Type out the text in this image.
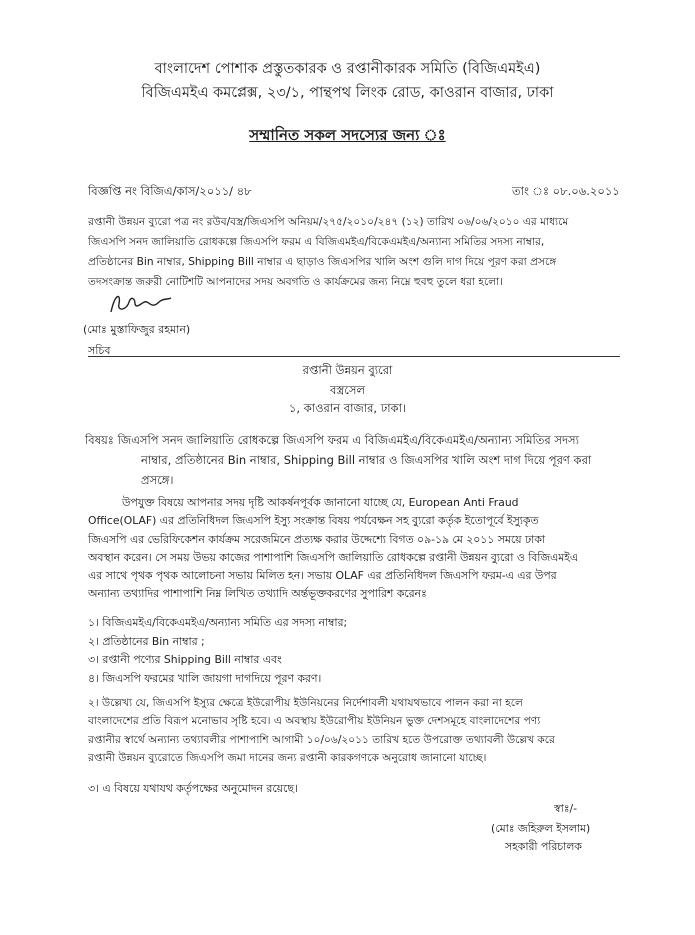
বাংলাদেশ পোশাক প্রস্তুতকারক ও রপ্তানীকারক সমিতি (বিজিএমইএ)
বিজিএমইএ কমপ্লেক্স, ২৩/১, পান্থপথ লিংক রোড, কাওরান বাজার, ঢাকা
সম্মানিত সকল সদস্যের জন্য ঃ
বিজ্ঞপ্তি নং বিজিএ/কাস/২০১১/ ৪৮	তাং ঃ ০৮.০৬.২০১১
রপ্তানী উন্নয়ন ব্যুরো পত্র নং রউব/বস্ত্র/জিএসপি অনিয়ম/২৭৫/২০১০/২৪৭ (১২) তারিখ ০৬/০৬/২০১০ এর মাধ্যমে
জিএসপি সনদ জালিয়াতি রোধকল্পে জিএসপি ফরম এ বিজিএমইএ/বিকেএমইএ/অন্যান্য সমিতির সদস্য নাম্বার,
প্রতিষ্ঠানের Bin নাম্বার, Shipping Bill নাম্বার এ ছাড়াও জিএসপির খালি অংশ গুলি দাগ দিয়ে পূরণ করা প্রসঙ্গে
তদসংক্রান্ত জরুরী নোটিশটি আপনাদের সদয় অবগতি ও কার্যক্রমের জন্য নিম্নে হুবহু তুলে ধরা হলো।
(মোঃ মুস্তাফিজুর রহমান)
সচিব
রপ্তানী উন্নয়ন ব্যুরো
বস্ত্রসেল
১, কাওরান বাজার, ঢাকা।
বিষয়ঃ জিএসপি সনদ জালিয়াতি রোধকল্পে জিএসপি ফরম এ বিজিএমইএ/বিকেএমইএ/অন্যান্য সমিতির সদস্য
নাম্বার, প্রতিষ্ঠানের Bin নাম্বার, Shipping Bill নাম্বার ও জিএসপির খালি অংশ দাগ দিয়ে পূরণ করা
প্রসঙ্গে।
উপযুক্ত বিষয়ে আপনার সদয় দৃষ্টি আকর্ষনপূর্বক জানানো যাচ্ছে যে, European Anti Fraud
Office(OLAF) এর প্রতিনিধিদল জিএসপি ইস্যু সংক্রান্ত বিষয় পর্যবেক্ষন সহ ব্যুরো কর্তৃক ইতোপূর্বে ইস্যুকৃত
জিএসপি এর ভেরিফিকেশন কার্যক্রম সরেজমিনে প্রত্যক্ষ করার উদ্দেশ্যে বিগত ০৯-১৯ মে ২০১১ সময়ে ঢাকা
অবস্থান করেন। সে সময় উভয় কাজের পাশাপাশি জিএসপি জালিয়াতি রোধকল্পে রপ্তানী উন্নয়ন ব্যুরো ও বিজিএমইএ
এর সাথে পৃথক পৃথক আলোচনা সভায় মিলিত হন। সভায় OLAF এর প্রতিনিধিদল জিএসপি ফরম-এ এর উপর
অন্যান্য তথ্যাদির পাশাপাশি নিম্ন লিখিত তথ্যাদি অর্ন্তভূক্তকরণের সুপারিশ করেনঃ
১। বিজিএমইএ/বিকেএমইএ/অন্যান্য সমিতি এর সদস্য নাম্বার;
২। প্রতিষ্ঠানের Bin নাম্বার ;
৩। রপ্তানী পণ্যের Shipping Bill নাম্বার এবং
৪। জিএসপি ফরমের খালি জায়গা দাগদিয়ে পূরণ করণ।
২। উল্লেখ্য যে, জিএসপি ইস্যুর ক্ষেত্রে ইউরোপীয় ইউনিয়নের নির্দেশাবলী যথাযথভাবে পালন করা না হলে
বাংলাদেশের প্রতি বিরূপ মনোভাব সৃষ্টি হবে। এ অবস্থায় ইউরোপীয় ইউনিয়ন ভুক্ত দেশসমূহে বাংলাদেশের পণ্য
রপ্তানীর স্বার্থে অন্যান্য তথ্যাবলীর পাশাপাশি আগামী ১০/০৬/২০১১ তারিখ হতে উপরোক্ত তথ্যাবলী উল্লেখ করে
রপ্তানী উন্নয়ন ব্যুরোতে জিএসপি জমা দানের জন্য রপ্তানী কারকগণকে অনুরোধ জানানো যাচ্ছে।
৩। এ বিষয়ে যথাযথ কর্তৃপক্ষের অনুমোদন রয়েছে।
স্বাঃ/-
(মোঃ জহিরুল ইসলাম)
সহকারী পরিচালক
